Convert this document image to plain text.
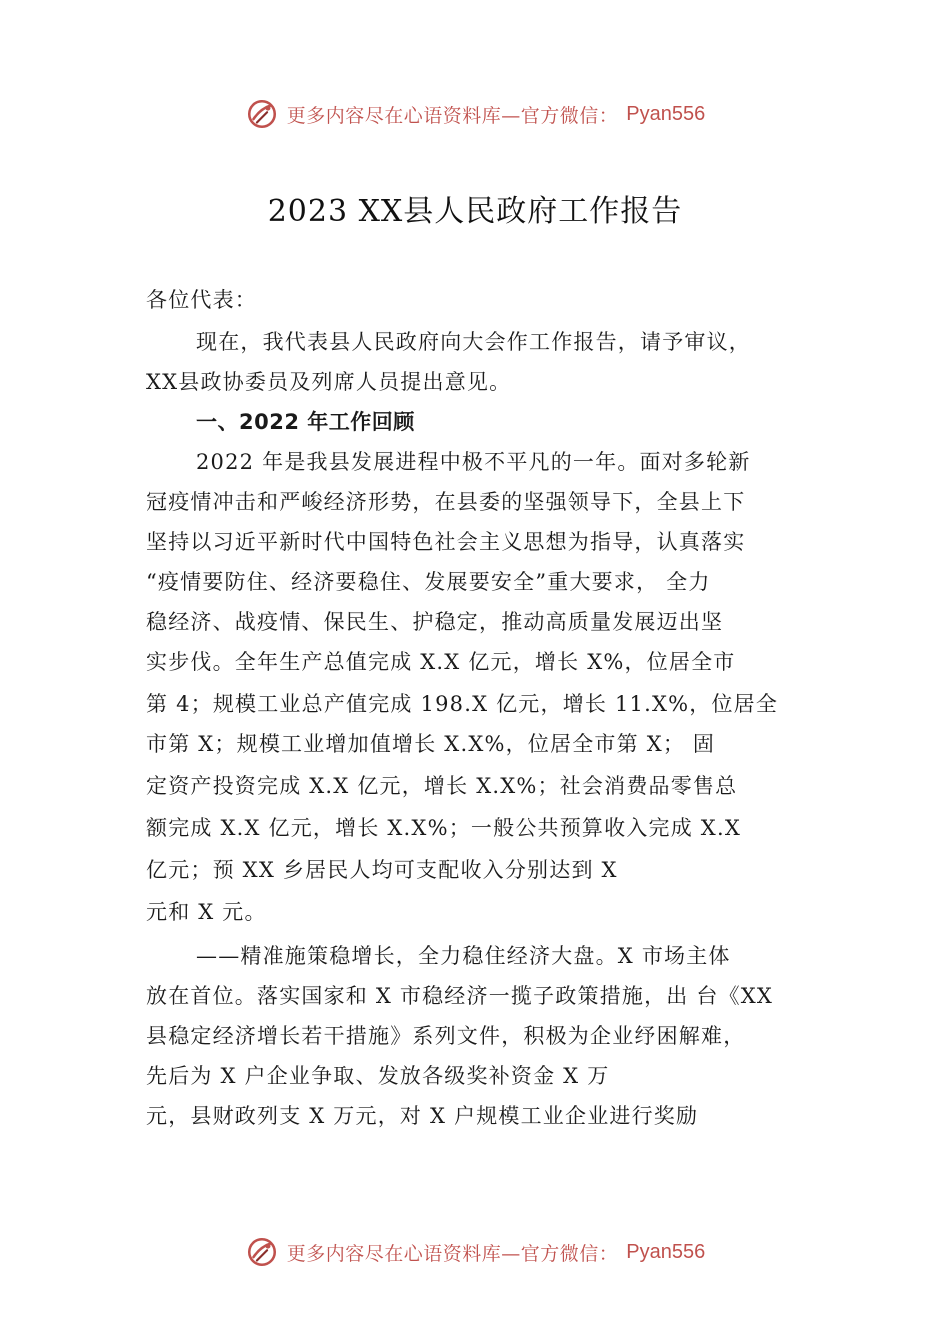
更多内容尽在心语资料库—官方微信： Pyan556
2023 XX县人民政府工作报告
各位代表：
现在，我代表县人民政府向大会作工作报告，请予审议，
XX县政协委员及列席人员提出意见。
一、2022 年工作回顾
2022 年是我县发展进程中极不平凡的一年。面对多轮新
冠疫情冲击和严峻经济形势，在县委的坚强领导下，全县上下
坚持以习近平新时代中国特色社会主义思想为指导，认真落实
“疫情要防住、经济要稳住、发展要安全”重大要求， 全力
稳经济、战疫情、保民生、护稳定，推动高质量发展迈出坚
实步伐。全年生产总值完成 X.X 亿元，增长 X%，位居全市
第 4；规模工业总产值完成 198.X 亿元，增长 11.X%，位居全
市第 X；规模工业增加值增长 X.X%，位居全市第 X； 固
定资产投资完成 X.X 亿元，增长 X.X%；社会消费品零售总
额完成 X.X 亿元，增长 X.X%；一般公共预算收入完成 X.X
亿元；预 XX 乡居民人均可支配收入分别达到 X
元和 X 元。
——精准施策稳增长，全力稳住经济大盘。X 市场主体
放在首位。落实国家和 X 市稳经济一揽子政策措施，出 台《XX
县稳定经济增长若干措施》系列文件，积极为企业纾困解难，
先后为 X 户企业争取、发放各级奖补资金 X 万
元，县财政列支 X 万元，对 X 户规模工业企业进行奖励
更多内容尽在心语资料库—官方微信： Pyan556
